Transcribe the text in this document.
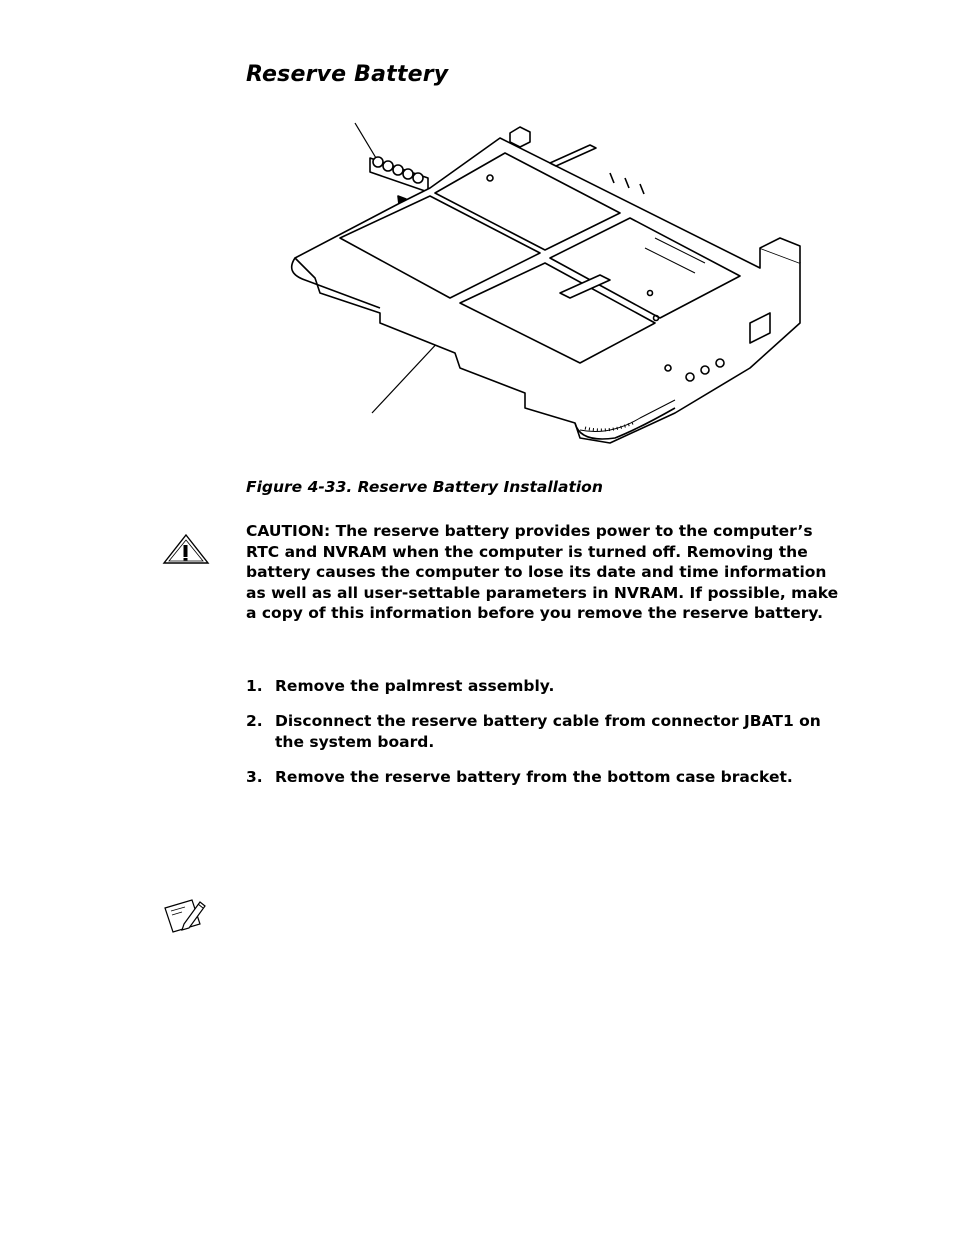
Reserve Battery
Figure 4-33. Reserve Battery Installation
CAUTION: The reserve battery provides power to the computer’s RTC and NVRAM when the computer is turned off. Removing the battery causes the computer to lose its date and time information as well as all user-settable parameters in NVRAM. If possible, make a copy of this information before you remove the reserve battery.
1. Remove the palmrest assembly.
2. Disconnect the reserve battery cable from connector JBAT1 on the system board.
3. Remove the reserve battery from the bottom case bracket.
